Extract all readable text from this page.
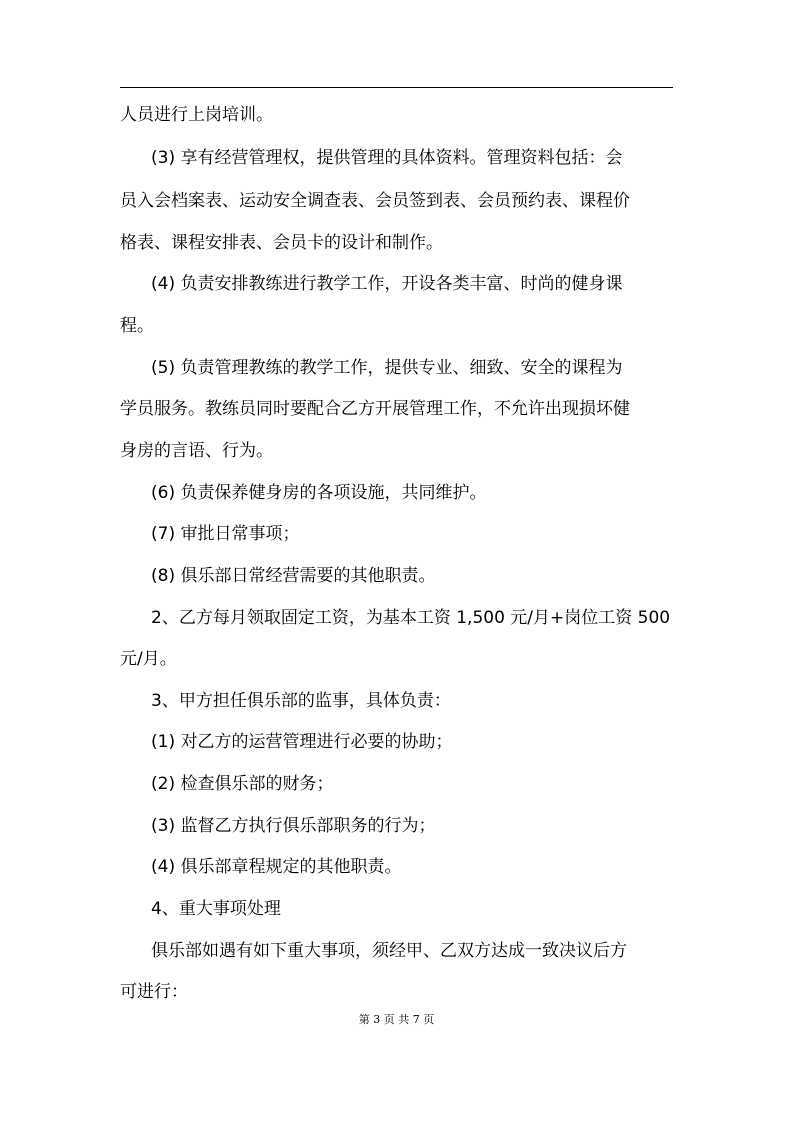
人员进行上岗培训。
(3) 享有经营管理权，提供管理的具体资料。管理资料包括：会
员入会档案表、运动安全调查表、会员签到表、会员预约表、课程价
格表、课程安排表、会员卡的设计和制作。
(4) 负责安排教练进行教学工作，开设各类丰富、时尚的健身课
程。
(5) 负责管理教练的教学工作，提供专业、细致、安全的课程为
学员服务。教练员同时要配合乙方开展管理工作，不允许出现损坏健
身房的言语、行为。
(6) 负责保养健身房的各项设施，共同维护。
(7) 审批日常事项；
(8) 俱乐部日常经营需要的其他职责。
2、乙方每月领取固定工资，为基本工资 1,500 元/月+岗位工资 500
元/月。
3、甲方担任俱乐部的监事，具体负责：
(1) 对乙方的运营管理进行必要的协助；
(2) 检查俱乐部的财务；
(3) 监督乙方执行俱乐部职务的行为；
(4) 俱乐部章程规定的其他职责。
4、重大事项处理
俱乐部如遇有如下重大事项，须经甲、乙双方达成一致决议后方
可进行：
第 3 页 共 7 页
